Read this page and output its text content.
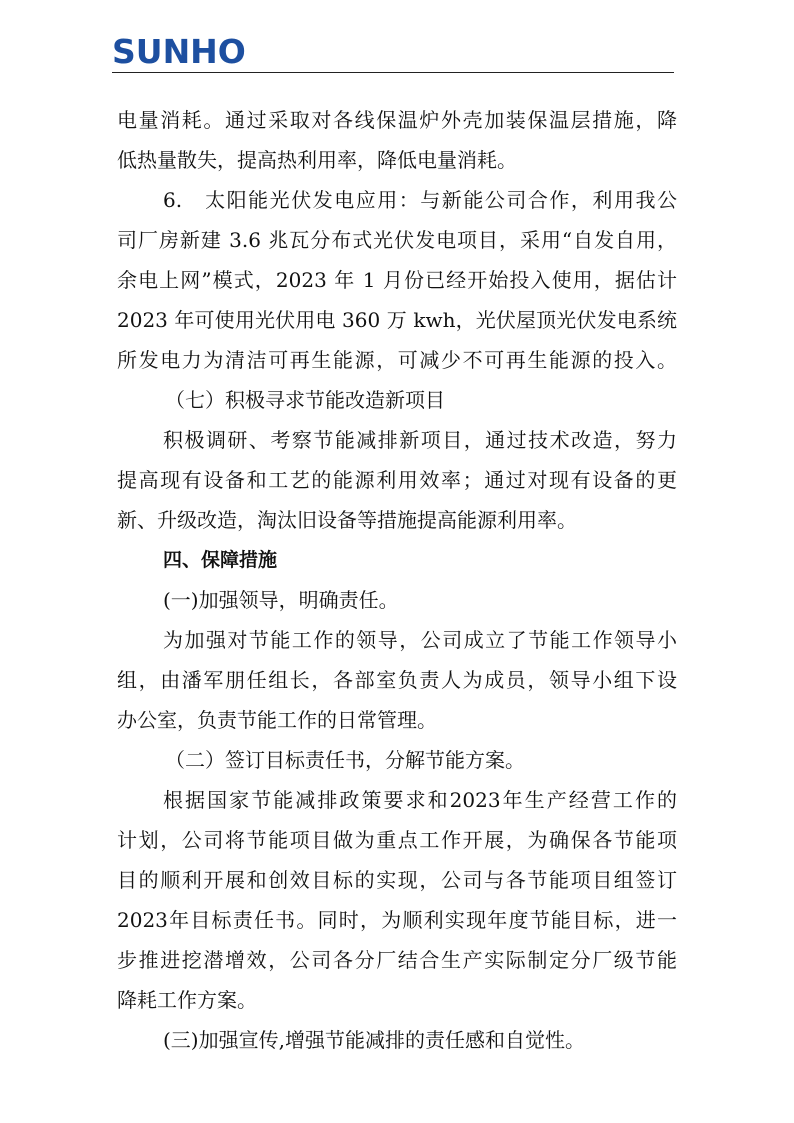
SUNHO
电量消耗。通过采取对各线保温炉外壳加装保温层措施，降
低热量散失，提高热利用率，降低电量消耗。
6.　太阳能光伏发电应用：与新能公司合作，利用我公
司厂房新建 3.6 兆瓦分布式光伏发电项目，采用“自发自用，
余电上网”模式，2023 年 1 月份已经开始投入使用，据估计
2023 年可使用光伏用电 360 万 kwh，光伏屋顶光伏发电系统
所发电力为清洁可再生能源，可减少不可再生能源的投入。
（七）积极寻求节能改造新项目
积极调研、考察节能减排新项目，通过技术改造，努力
提高现有设备和工艺的能源利用效率；通过对现有设备的更
新、升级改造，淘汰旧设备等措施提高能源利用率。
四、保障措施
(一)加强领导，明确责任。
为加强对节能工作的领导，公司成立了节能工作领导小
组，由潘军朋任组长，各部室负责人为成员，领导小组下设
办公室，负责节能工作的日常管理。
（二）签订目标责任书，分解节能方案。
根据国家节能减排政策要求和2023年生产经营工作的
计划，公司将节能项目做为重点工作开展，为确保各节能项
目的顺利开展和创效目标的实现，公司与各节能项目组签订
2023年目标责任书。同时，为顺利实现年度节能目标，进一
步推进挖潜增效，公司各分厂结合生产实际制定分厂级节能
降耗工作方案。
(三)加强宣传,增强节能减排的责任感和自觉性。
